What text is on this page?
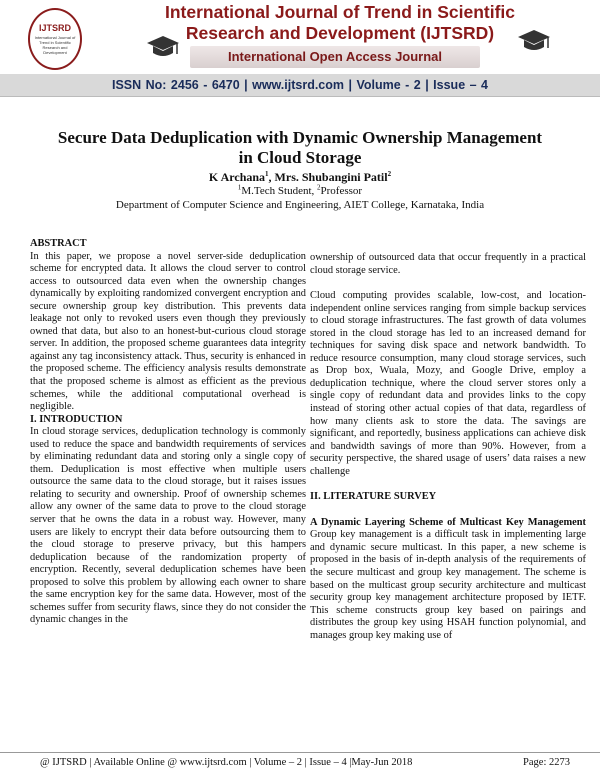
IJTSRD
International Journal of Trend in Scientific Research and Development
International Journal of Trend in Scientific
Research and Development (IJTSRD)
International Open Access Journal
ISSN No: 2456 - 6470 | www.ijtsrd.com | Volume - 2 | Issue – 4
Secure Data Deduplication with Dynamic Ownership Management
in Cloud Storage
K Archana$^1$, Mrs. Shubangini Patil$^2$
$^1$M.Tech Student, $^2$Professor
Department of Computer Science and Engineering, AIET College, Karnataka, India

ABSTRACT

In this paper, we propose a novel server-side deduplication scheme for encrypted data. It allows the cloud server to control access to outsourced data even when the ownership changes dynamically by exploiting randomized convergent encryption and secure ownership group key distribution. This prevents data leakage not only to revoked users even though they previously owned that data, but also to an honest-but-curious cloud storage server. In addition, the proposed scheme guarantees data integrity against any tag inconsistency attack. Thus, security is enhanced in the proposed scheme. The efficiency analysis results demonstrate that the proposed scheme is almost as efficient as the previous schemes, while the additional computational overhead is negligible.

I. INTRODUCTION

In cloud storage services, deduplication technology is commonly used to reduce the space and bandwidth requirements of services by eliminating redundant data and storing only a single copy of them. Deduplication is most effective when multiple users outsource the same data to the cloud storage, but it raises issues relating to security and ownership. Proof of ownership schemes allow any owner of the same data to prove to the cloud storage server that he owns the data in a robust way. However, many users are likely to encrypt their data before outsourcing them to the cloud storage to preserve privacy, but this hampers deduplication because of the randomization property of encryption. Recently, several deduplication schemes have been proposed to solve this problem by allowing each owner to share the same encryption key for the same data. However, most of the schemes suffer from security flaws, since they do not consider the dynamic changes in the

ownership of outsourced data that occur frequently in a practical cloud storage service.

Cloud computing provides scalable, low-cost, and location-independent online services ranging from simple backup services to cloud storage infrastructures. The fast growth of data volumes stored in the cloud storage has led to an increased demand for techniques for saving disk space and network bandwidth. To reduce resource consumption, many cloud storage services, such as Drop box, Wuala, Mozy, and Google Drive, employ a deduplication technique, where the cloud server stores only a single copy of redundant data and provides links to the copy instead of storing other actual copies of that data, regardless of how many clients ask to store the data. The savings are significant, and reportedly, business applications can achieve disk and bandwidth savings of more than 90%. However, from a security perspective, the shared usage of users’ data raises a new challenge

II. LITERATURE SURVEY

A Dynamic Layering Scheme of Multicast Key Management Group key management is a difficult task in implementing large and dynamic secure multicast. In this paper, a new scheme is proposed in the basis of in-depth analysis of the requirements of the secure multicast and group key management. The scheme is based on the multicast group security architecture and multicast security group key management architecture proposed by IETF. This scheme constructs group key based on pairings and distributes the group key using HSAH function polynomial, and manages group key making use of

@ IJTSRD | Available Online @ www.ijtsrd.com | Volume – 2 | Issue – 4 |May-Jun 2018	Page: 2273
